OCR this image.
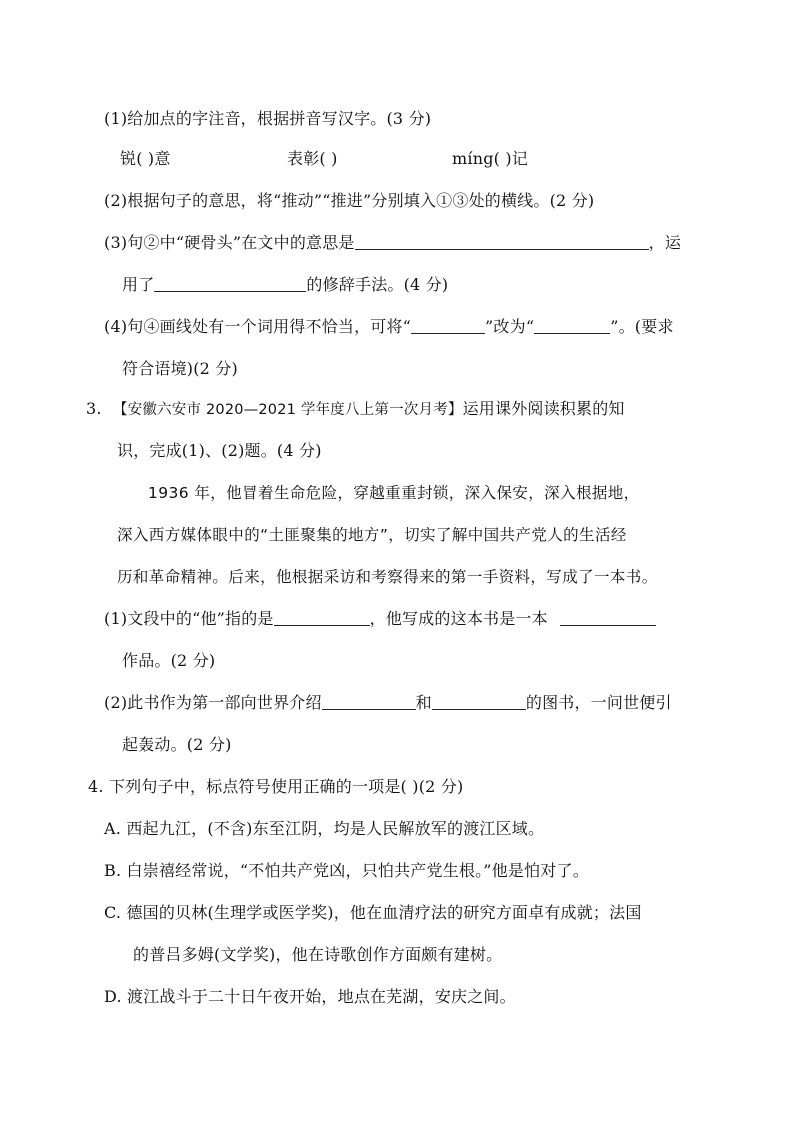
(1)给加点的字注音，根据拼音写汉字。(3 分)
锐( )意	表彰( )	míng( )记
(2)根据句子的意思，将“推动”“推进”分别填入①③处的横线。(2 分)
(3)句②中“硬骨头”在文中的意思是	，运
用了	的修辞手法。(4 分)
(4)句④画线处有一个词用得不恰当，可将“	”改为“	”。(要求
符合语境)(2 分)
3. 【安徽六安市 2020—2021 学年度八上第一次月考】运用课外阅读积累的知
识，完成(1)、(2)题。(4 分)
1936 年，他冒着生命危险，穿越重重封锁，深入保安，深入根据地，
深入西方媒体眼中的“土匪聚集的地方”，切实了解中国共产党人的生活经
历和革命精神。后来，他根据采访和考察得来的第一手资料，写成了一本书。
(1)文段中的“他”指的是	，他写成的这本书是一本
作品。(2 分)
(2)此书作为第一部向世界介绍	和	的图书，一问世便引
起轰动。(2 分)
4. 下列句子中，标点符号使用正确的一项是( )(2 分)
A. 西起九江，(不含)东至江阴，均是人民解放军的渡江区域。
B. 白崇禧经常说，“不怕共产党凶，只怕共产党生根。”他是怕对了。
C. 德国的贝林(生理学或医学奖)，他在血清疗法的研究方面卓有成就；法国
的普吕多姆(文学奖)，他在诗歌创作方面颇有建树。
D. 渡江战斗于二十日午夜开始，地点在芜湖，安庆之间。
